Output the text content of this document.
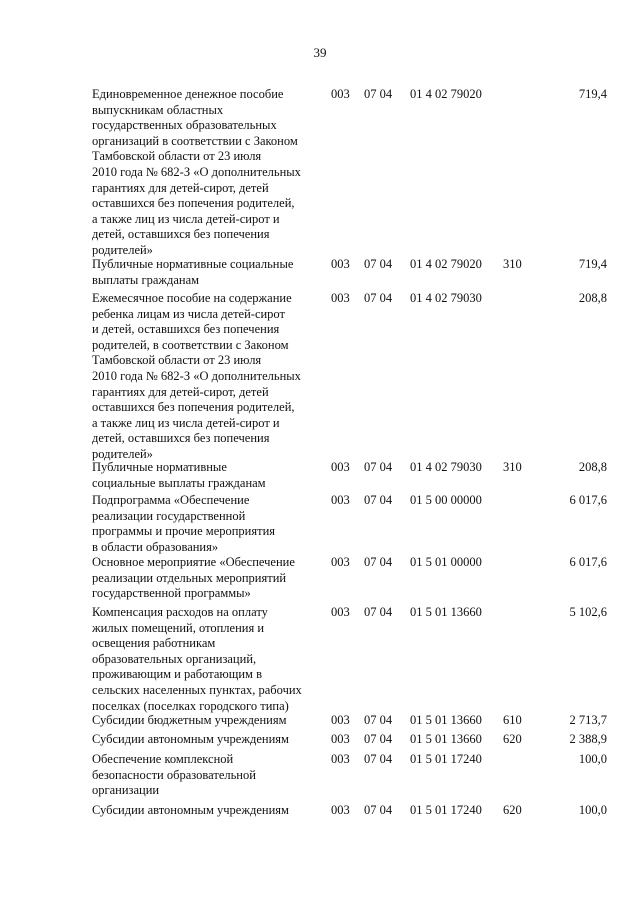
39
Единовременное денежное пособие
выпускникам областных
государственных образовательных
организаций в соответствии с Законом
Тамбовской области от 23 июля
2010 года № 682-З «О дополнительных
гарантиях для детей-сирот, детей
оставшихся без попечения родителей,
а также лиц из числа детей-сирот и
детей, оставшихся без попечения
родителей»
003 07 04 01 4 02 79020	719,4
Публичные нормативные социальные
выплаты гражданам
003 07 04 01 4 02 79020 310	719,4
Ежемесячное пособие на содержание
ребенка лицам из числа детей-сирот
и детей, оставшихся без попечения
родителей, в соответствии с Законом
Тамбовской области от 23 июля
2010 года № 682-З «О дополнительных
гарантиях для детей-сирот, детей
оставшихся без попечения родителей,
а также лиц из числа детей-сирот и
детей, оставшихся без попечения
родителей»
003 07 04 01 4 02 79030	208,8
Публичные нормативные
социальные выплаты гражданам
003 07 04 01 4 02 79030 310	208,8
Подпрограмма «Обеспечение
реализации государственной
программы и прочие мероприятия
в области образования»
003 07 04 01 5 00 00000	6 017,6
Основное мероприятие «Обеспечение
реализации отдельных мероприятий
государственной программы»
003 07 04 01 5 01 00000	6 017,6
Компенсация расходов на оплату
жилых помещений, отопления и
освещения работникам
образовательных организаций,
проживающим и работающим в
сельских населенных пунктах, рабочих
поселках (поселках городского типа)
003 07 04 01 5 01 13660	5 102,6
Субсидии бюджетным учреждениям	003 07 04 01 5 01 13660 610	2 713,7
Субсидии автономным учреждениям	003 07 04 01 5 01 13660 620	2 388,9
Обеспечение комплексной
безопасности образовательной
организации
003 07 04 01 5 01 17240	100,0
Субсидии автономным учреждениям	003 07 04 01 5 01 17240 620	100,0
